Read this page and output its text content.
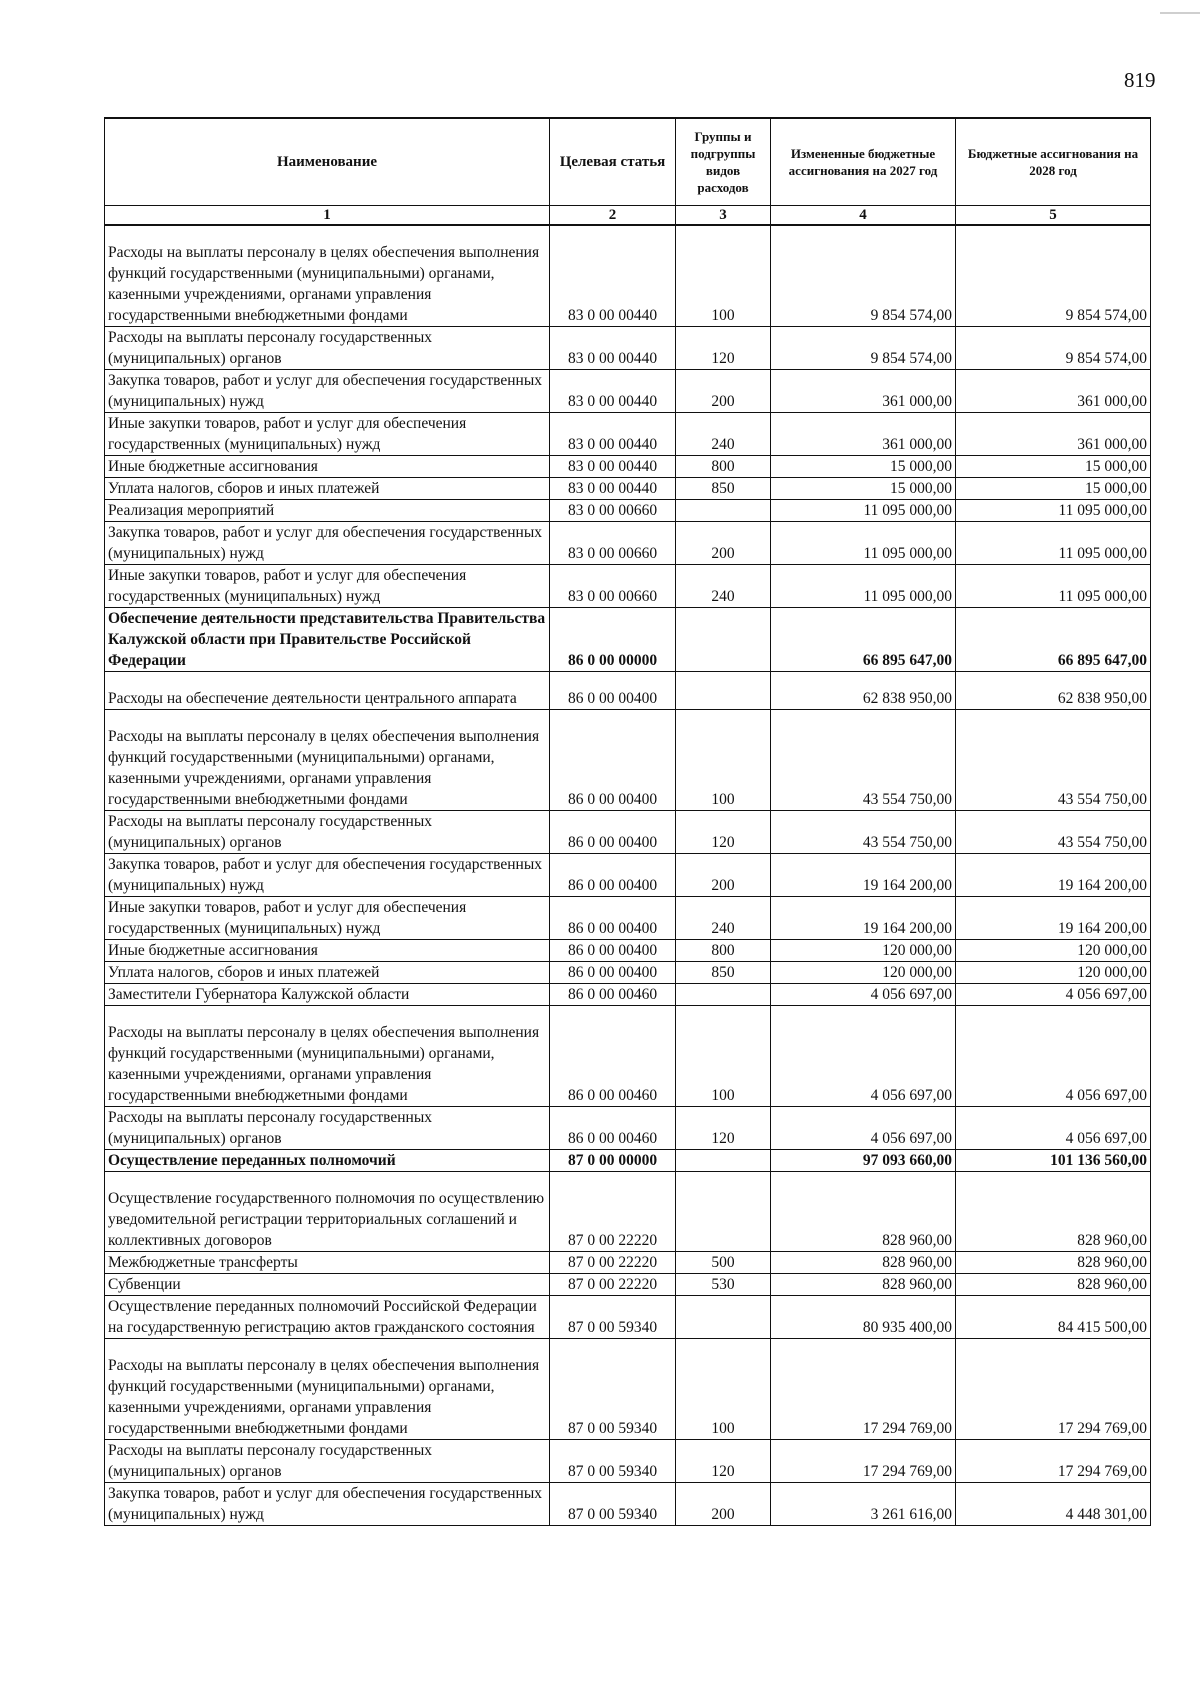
819
Наименование	Целевая статья	Группы и подгруппы видов расходов	Измененные бюджетные ассигнования на 2027 год	Бюджетные ассигнования на 2028 год
1	2	3	4	5
Расходы на выплаты персоналу в целях обеспечения выполнения функций государственными (муниципальными) органами, казенными учреждениями, органами управления государственными внебюджетными фондами	83 0 00 00440	100	9 854 574,00	9 854 574,00
Расходы на выплаты персоналу государственных (муниципальных) органов	83 0 00 00440	120	9 854 574,00	9 854 574,00
Закупка товаров, работ и услуг для обеспечения государственных (муниципальных) нужд	83 0 00 00440	200	361 000,00	361 000,00
Иные закупки товаров, работ и услуг для обеспечения государственных (муниципальных) нужд	83 0 00 00440	240	361 000,00	361 000,00
Иные бюджетные ассигнования	83 0 00 00440	800	15 000,00	15 000,00
Уплата налогов, сборов и иных платежей	83 0 00 00440	850	15 000,00	15 000,00
Реализация мероприятий	83 0 00 00660		11 095 000,00	11 095 000,00
Закупка товаров, работ и услуг для обеспечения государственных (муниципальных) нужд	83 0 00 00660	200	11 095 000,00	11 095 000,00
Иные закупки товаров, работ и услуг для обеспечения государственных (муниципальных) нужд	83 0 00 00660	240	11 095 000,00	11 095 000,00
Обеспечение деятельности представительства Правительства Калужской области при Правительстве Российской Федерации	86 0 00 00000		66 895 647,00	66 895 647,00
Расходы на обеспечение деятельности центрального аппарата	86 0 00 00400		62 838 950,00	62 838 950,00
Расходы на выплаты персоналу в целях обеспечения выполнения функций государственными (муниципальными) органами, казенными учреждениями, органами управления государственными внебюджетными фондами	86 0 00 00400	100	43 554 750,00	43 554 750,00
Расходы на выплаты персоналу государственных (муниципальных) органов	86 0 00 00400	120	43 554 750,00	43 554 750,00
Закупка товаров, работ и услуг для обеспечения государственных (муниципальных) нужд	86 0 00 00400	200	19 164 200,00	19 164 200,00
Иные закупки товаров, работ и услуг для обеспечения государственных (муниципальных) нужд	86 0 00 00400	240	19 164 200,00	19 164 200,00
Иные бюджетные ассигнования	86 0 00 00400	800	120 000,00	120 000,00
Уплата налогов, сборов и иных платежей	86 0 00 00400	850	120 000,00	120 000,00
Заместители Губернатора Калужской области	86 0 00 00460		4 056 697,00	4 056 697,00
Расходы на выплаты персоналу в целях обеспечения выполнения функций государственными (муниципальными) органами, казенными учреждениями, органами управления государственными внебюджетными фондами	86 0 00 00460	100	4 056 697,00	4 056 697,00
Расходы на выплаты персоналу государственных (муниципальных) органов	86 0 00 00460	120	4 056 697,00	4 056 697,00
Осуществление переданных полномочий	87 0 00 00000		97 093 660,00	101 136 560,00
Осуществление государственного полномочия по осуществлению уведомительной регистрации территориальных соглашений и коллективных договоров	87 0 00 22220		828 960,00	828 960,00
Межбюджетные трансферты	87 0 00 22220	500	828 960,00	828 960,00
Субвенции	87 0 00 22220	530	828 960,00	828 960,00
Осуществление переданных полномочий Российской Федерации на государственную регистрацию актов гражданского состояния	87 0 00 59340		80 935 400,00	84 415 500,00
Расходы на выплаты персоналу в целях обеспечения выполнения функций государственными (муниципальными) органами, казенными учреждениями, органами управления государственными внебюджетными фондами	87 0 00 59340	100	17 294 769,00	17 294 769,00
Расходы на выплаты персоналу государственных (муниципальных) органов	87 0 00 59340	120	17 294 769,00	17 294 769,00
Закупка товаров, работ и услуг для обеспечения государственных (муниципальных) нужд	87 0 00 59340	200	3 261 616,00	4 448 301,00
